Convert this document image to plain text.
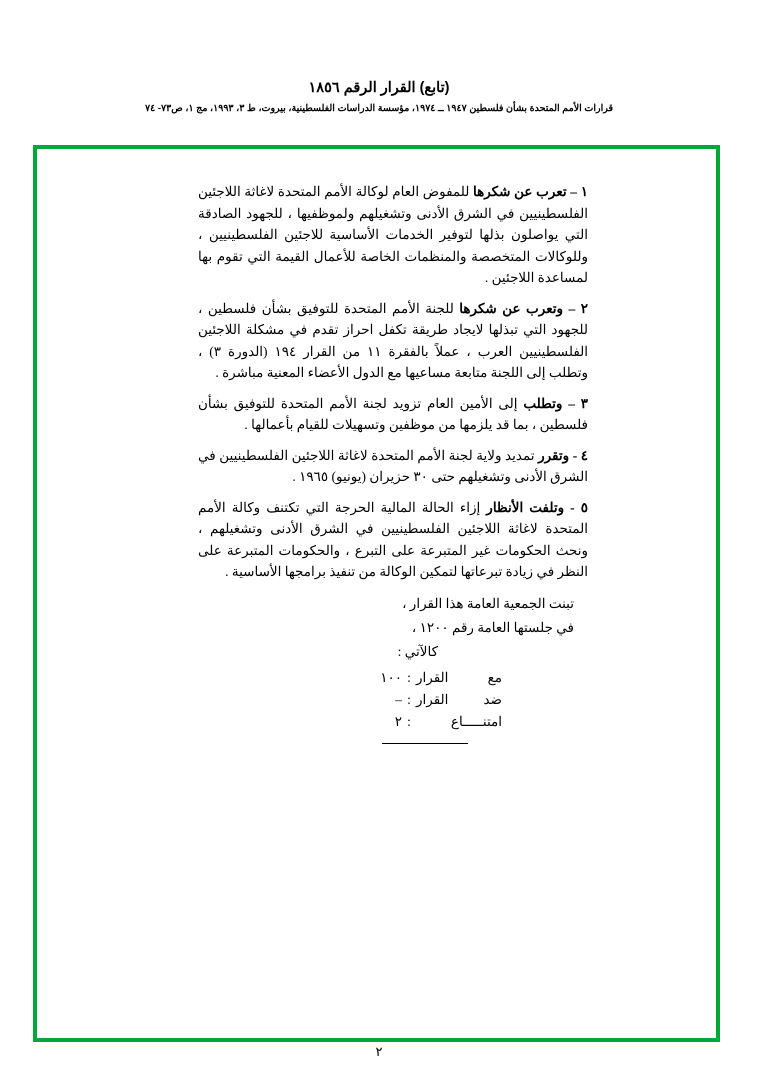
(تابع) القرار الرقم ١٨٥٦
قرارات الأمم المتحدة بشأن فلسطين ١٩٤٧ ــ ١٩٧٤، مؤسسة الدراسات الفلسطينية، بيروت، ط ٣، ١٩٩٣، مج ١، ص٧٣- ٧٤

١ – تعرب عن شكرها للمفوض العام لوكالة الأمم المتحدة لاغاثة اللاجئين الفلسطينيين في الشرق الأدنى وتشغيلهم ولموظفيها ، للجهود الصادقة التي يواصلون بذلها لتوفير الخدمات الأساسية للاجئين الفلسطينيين ، وللوكالات المتخصصة والمنظمات الخاصة للأعمال القيمة التي تقوم بها لمساعدة اللاجئين .

٢ – وتعرب عن شكرها للجنة الأمم المتحدة للتوفيق بشأن فلسطين ، للجهود التي تبذلها لايجاد طريقة تكفل احراز تقدم في مشكلة اللاجئين الفلسطينيين العرب ، عملاً بالفقرة ١١ من القرار ١٩٤ (الدورة ٣) ، وتطلب إلى اللجنة متابعة مساعيها مع الدول الأعضاء المعنية مباشرة .

٣ – وتطلب إلى الأمين العام تزويد لجنة الأمم المتحدة للتوفيق بشأن فلسطين ، بما قد يلزمها من موظفين وتسهيلات للقيام بأعمالها .

٤ - وتقرر تمديد ولاية لجنة الأمم المتحدة لاغاثة اللاجئين الفلسطينيين في الشرق الأدنى وتشغيلهم حتى ٣٠ حزيران (يونيو) ١٩٦٥ .

٥ - وتلفت الأنظار إزاء الحالة المالية الحرجة التي تكتنف وكالة الأمم المتحدة لاغاثة اللاجئين الفلسطينيين في الشرق الأدنى وتشغيلهم ، ونحث الحكومات غير المتبرعة على التبرع ، والحكومات المتبرعة على النظر في زيادة تبرعاتها لتمكين الوكالة من تنفيذ برامجها الأساسية .

تبنت الجمعية العامة هذا القرار ،

في جلستها العامة رقم ١٢٠٠ ،

كالآتي :

مع القرار
:
١٠٠
ضد القرار
:
–
امتنـــــاع
:
٢
٢
